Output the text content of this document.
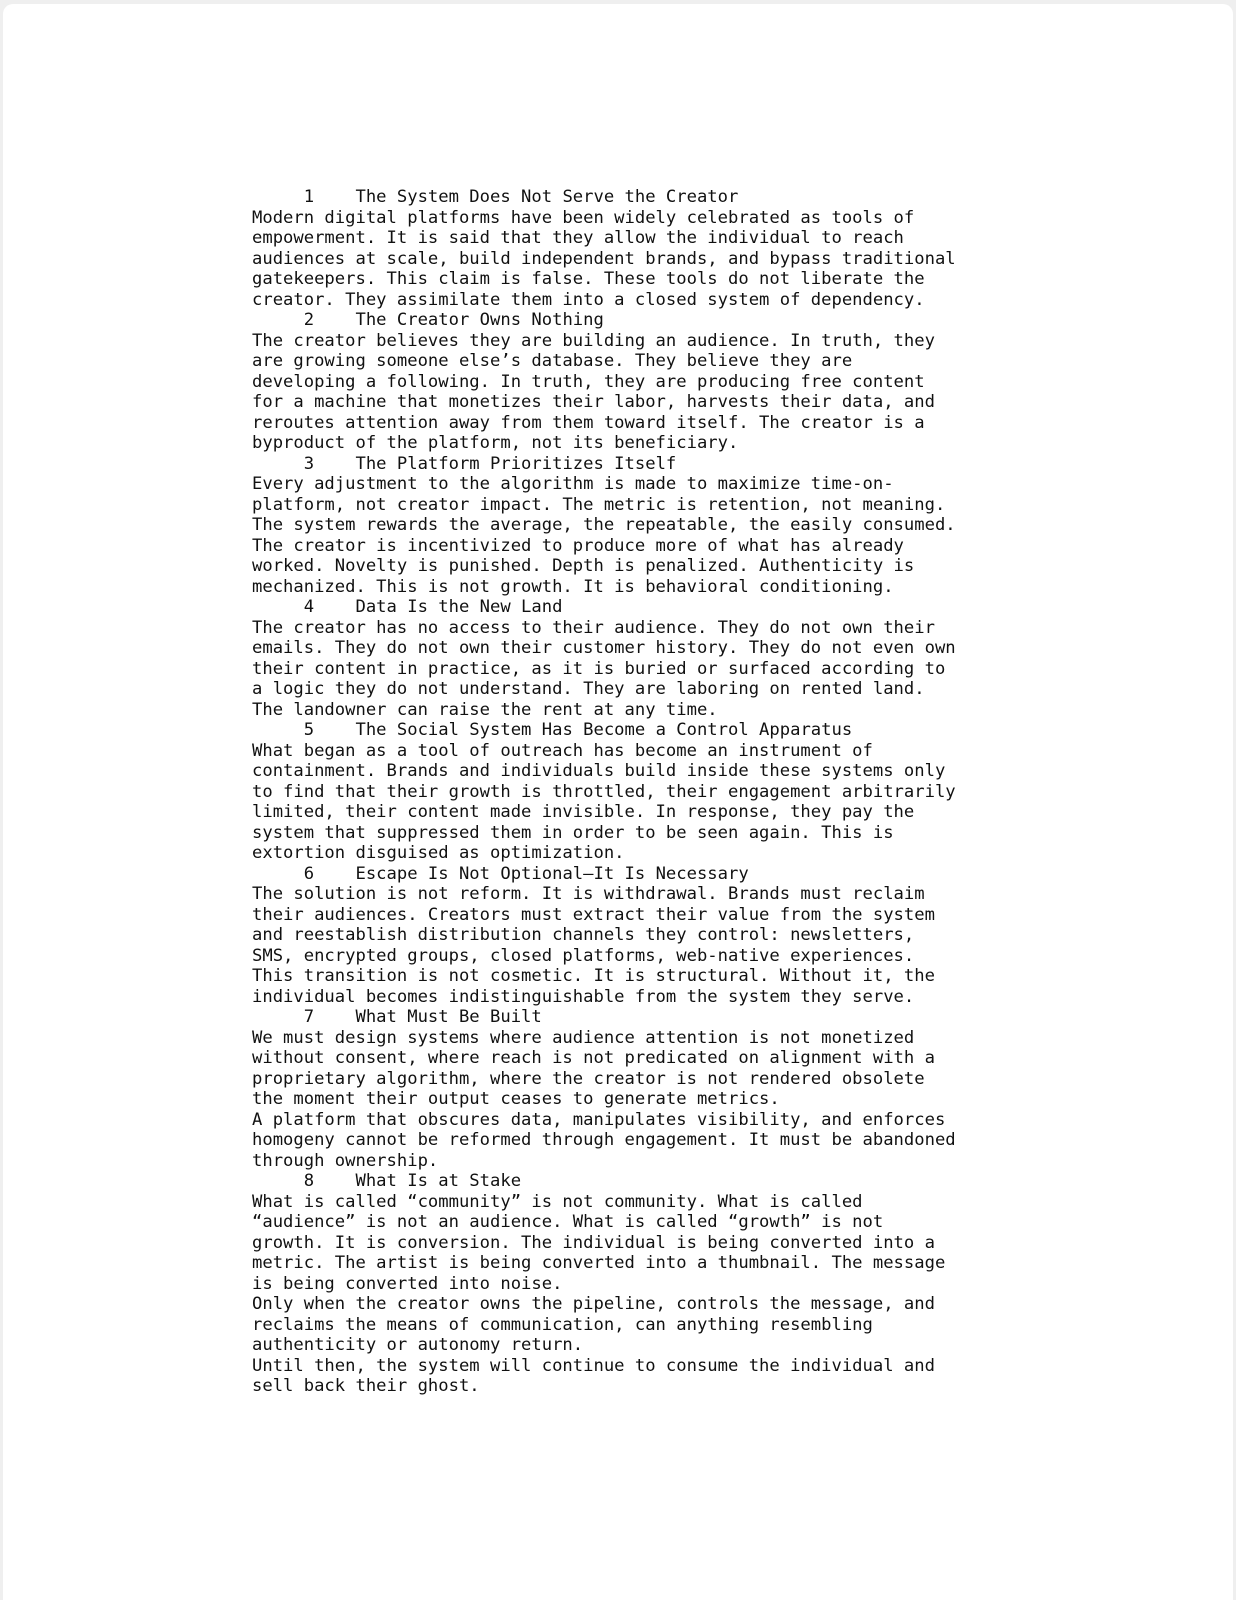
1 The System Does Not Serve the Creator
Modern digital platforms have been widely celebrated as tools of
empowerment. It is said that they allow the individual to reach
audiences at scale, build independent brands, and bypass traditional
gatekeepers. This claim is false. These tools do not liberate the
creator. They assimilate them into a closed system of dependency.
2 The Creator Owns Nothing
The creator believes they are building an audience. In truth, they
are growing someone else’s database. They believe they are
developing a following. In truth, they are producing free content
for a machine that monetizes their labor, harvests their data, and
reroutes attention away from them toward itself. The creator is a
byproduct of the platform, not its beneficiary.
3 The Platform Prioritizes Itself
Every adjustment to the algorithm is made to maximize time-on-
platform, not creator impact. The metric is retention, not meaning.
The system rewards the average, the repeatable, the easily consumed.
The creator is incentivized to produce more of what has already
worked. Novelty is punished. Depth is penalized. Authenticity is
mechanized. This is not growth. It is behavioral conditioning.
4 Data Is the New Land
The creator has no access to their audience. They do not own their
emails. They do not own their customer history. They do not even own
their content in practice, as it is buried or surfaced according to
a logic they do not understand. They are laboring on rented land.
The landowner can raise the rent at any time.
5 The Social System Has Become a Control Apparatus
What began as a tool of outreach has become an instrument of
containment. Brands and individuals build inside these systems only
to find that their growth is throttled, their engagement arbitrarily
limited, their content made invisible. In response, they pay the
system that suppressed them in order to be seen again. This is
extortion disguised as optimization.
6 Escape Is Not Optional—It Is Necessary
The solution is not reform. It is withdrawal. Brands must reclaim
their audiences. Creators must extract their value from the system
and reestablish distribution channels they control: newsletters,
SMS, encrypted groups, closed platforms, web-native experiences.
This transition is not cosmetic. It is structural. Without it, the
individual becomes indistinguishable from the system they serve.
7 What Must Be Built
We must design systems where audience attention is not monetized
without consent, where reach is not predicated on alignment with a
proprietary algorithm, where the creator is not rendered obsolete
the moment their output ceases to generate metrics.
A platform that obscures data, manipulates visibility, and enforces
homogeny cannot be reformed through engagement. It must be abandoned
through ownership.
8 What Is at Stake
What is called “community” is not community. What is called
“audience” is not an audience. What is called “growth” is not
growth. It is conversion. The individual is being converted into a
metric. The artist is being converted into a thumbnail. The message
is being converted into noise.
Only when the creator owns the pipeline, controls the message, and
reclaims the means of communication, can anything resembling
authenticity or autonomy return.
Until then, the system will continue to consume the individual and
sell back their ghost.
